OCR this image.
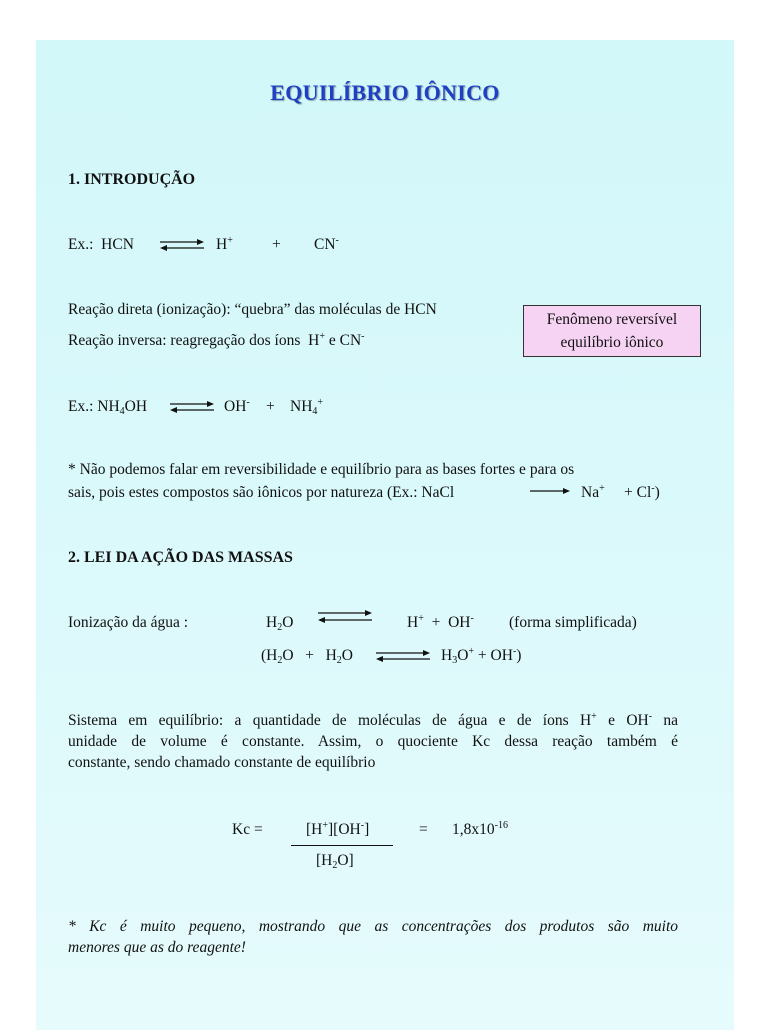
EQUILÍBRIO IÔNICO
1. INTRODUÇÃO
Ex.: HCN ⇌ H+	+ CN-
Reação direta (ionização): “quebra” das moléculas de HCN
Reação inversa: reagregação dos íons H+ e CN-
Fenômeno reversível
equilíbrio iônico
Ex.: $NH_4OH$ ⇌ $OH^- + NH_4^+$
* Não podemos falar em reversibilidade e equilíbrio para as bases fortes e para os
sais, pois estes compostos são iônicos por natureza (Ex.: NaCl	Na+ + Cl-)
2. LEI DA AÇÃO DAS MASSAS
Ionização da água :	$H_2O$ ⇌ H+ + OH- (forma simplificada)
($H_2O + H_2O$ ⇌ $H_3O^+ + OH^-$)
Sistema em equilíbrio: a quantidade de moléculas de água e de íons H+ e OH- na
unidade de volume é constante. Assim, o quociente Kc dessa reação também é
constante, sendo chamado constante de equilíbrio
Kc =	[H+][OH-]
$[H_2O]$
= $1,8x10^{-16}$
* Kc é muito pequeno, mostrando que as concentrações dos produtos são muito
menores que as do reagente!
